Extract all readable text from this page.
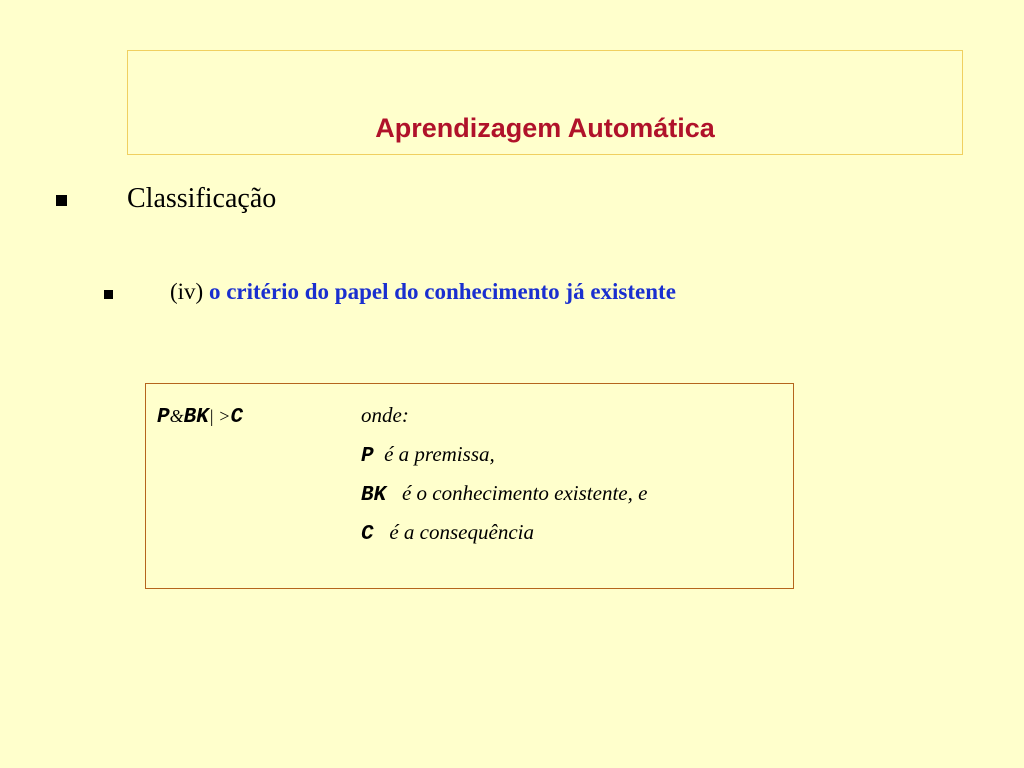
Aprendizagem Automática
Classificação
(iv) o critério do papel do conhecimento já existente
P&BK| >C	onde:
P é a premissa,
BK é o conhecimento existente, e
C é a consequência
